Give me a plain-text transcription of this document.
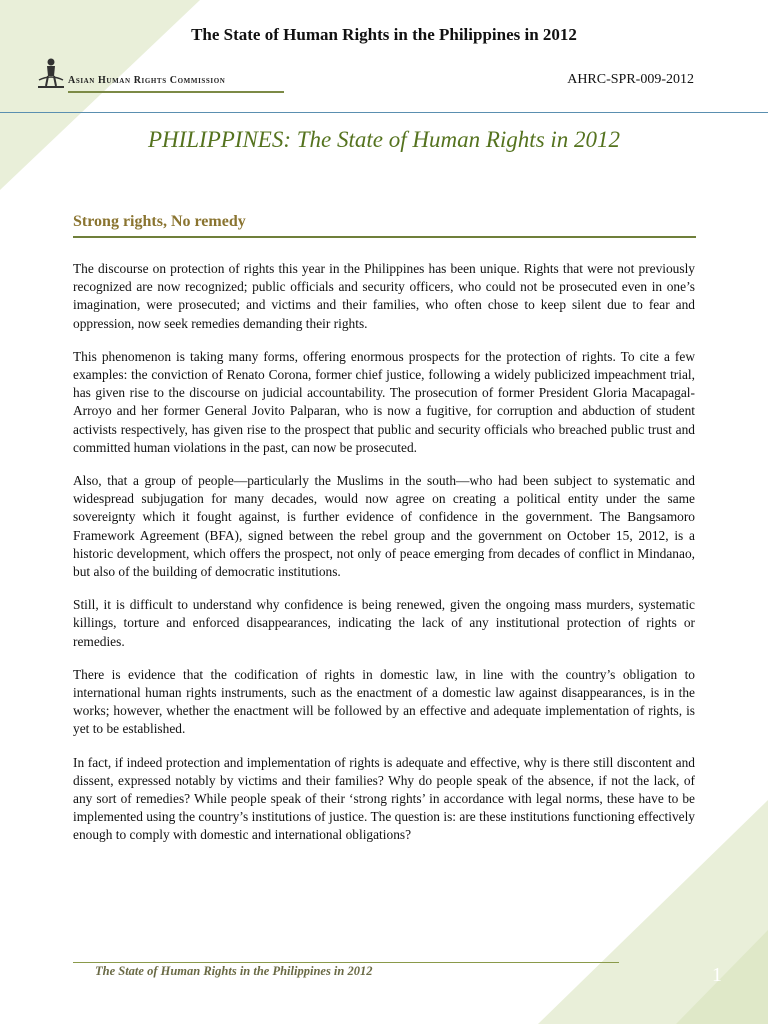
The State of Human Rights in the Philippines in 2012
Asian Human Rights Commission	AHRC-SPR-009-2012
PHILIPPINES: The State of Human Rights in 2012
Strong rights, No remedy

The discourse on protection of rights this year in the Philippines has been unique. Rights that were not previously recognized are now recognized; public officials and security officers, who could not be prosecuted even in one’s imagination, were prosecuted; and victims and their families, who often chose to keep silent due to fear and oppression, now seek remedies demanding their rights.

This phenomenon is taking many forms, offering enormous prospects for the protection of rights. To cite a few examples: the conviction of Renato Corona, former chief justice, following a widely publicized impeachment trial, has given rise to the discourse on judicial accountability. The prosecution of former President Gloria Macapagal-Arroyo and her former General Jovito Palparan, who is now a fugitive, for corruption and abduction of student activists respectively, has given rise to the prospect that public and security officials who breached public trust and committed human violations in the past, can now be prosecuted.

Also, that a group of people—particularly the Muslims in the south—who had been subject to systematic and widespread subjugation for many decades, would now agree on creating a political entity under the same sovereignty which it fought against, is further evidence of confidence in the government. The Bangsamoro Framework Agreement (BFA), signed between the rebel group and the government on October 15, 2012, is a historic development, which offers the prospect, not only of peace emerging from decades of conflict in Mindanao, but also of the building of democratic institutions.

Still, it is difficult to understand why confidence is being renewed, given the ongoing mass murders, systematic killings, torture and enforced disappearances, indicating the lack of any institutional protection of rights or remedies.

There is evidence that the codification of rights in domestic law, in line with the country’s obligation to international human rights instruments, such as the enactment of a domestic law against disappearances, is in the works; however, whether the enactment will be followed by an effective and adequate implementation of rights, is yet to be established.

In fact, if indeed protection and implementation of rights is adequate and effective, why is there still discontent and dissent, expressed notably by victims and their families? Why do people speak of the absence, if not the lack, of any sort of remedies? While people speak of their ‘strong rights’ in accordance with legal norms, these have to be implemented using the country’s institutions of justice. The question is: are these institutions functioning effectively enough to comply with domestic and international obligations?

The State of Human Rights in the Philippines in 2012	1
